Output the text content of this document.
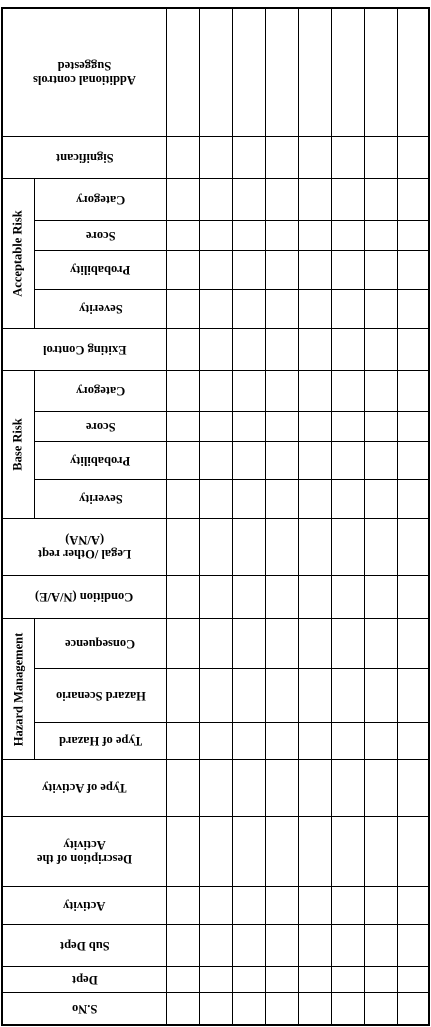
S.No
Dept
Sub Dept
Activity
Description of the
Activity
Type of Activity
Hazard Management	Type of Hazard
Hazard Scenario
Consequence
Condition (N/A/E)
Legal /Other reqt
(A/NA)
Base Risk
Severity
Probability
Score
Category
Exiting Control
Acceptable Risk
Severity
Probability
Score
Category
Significant
Additional controls
Suggested
